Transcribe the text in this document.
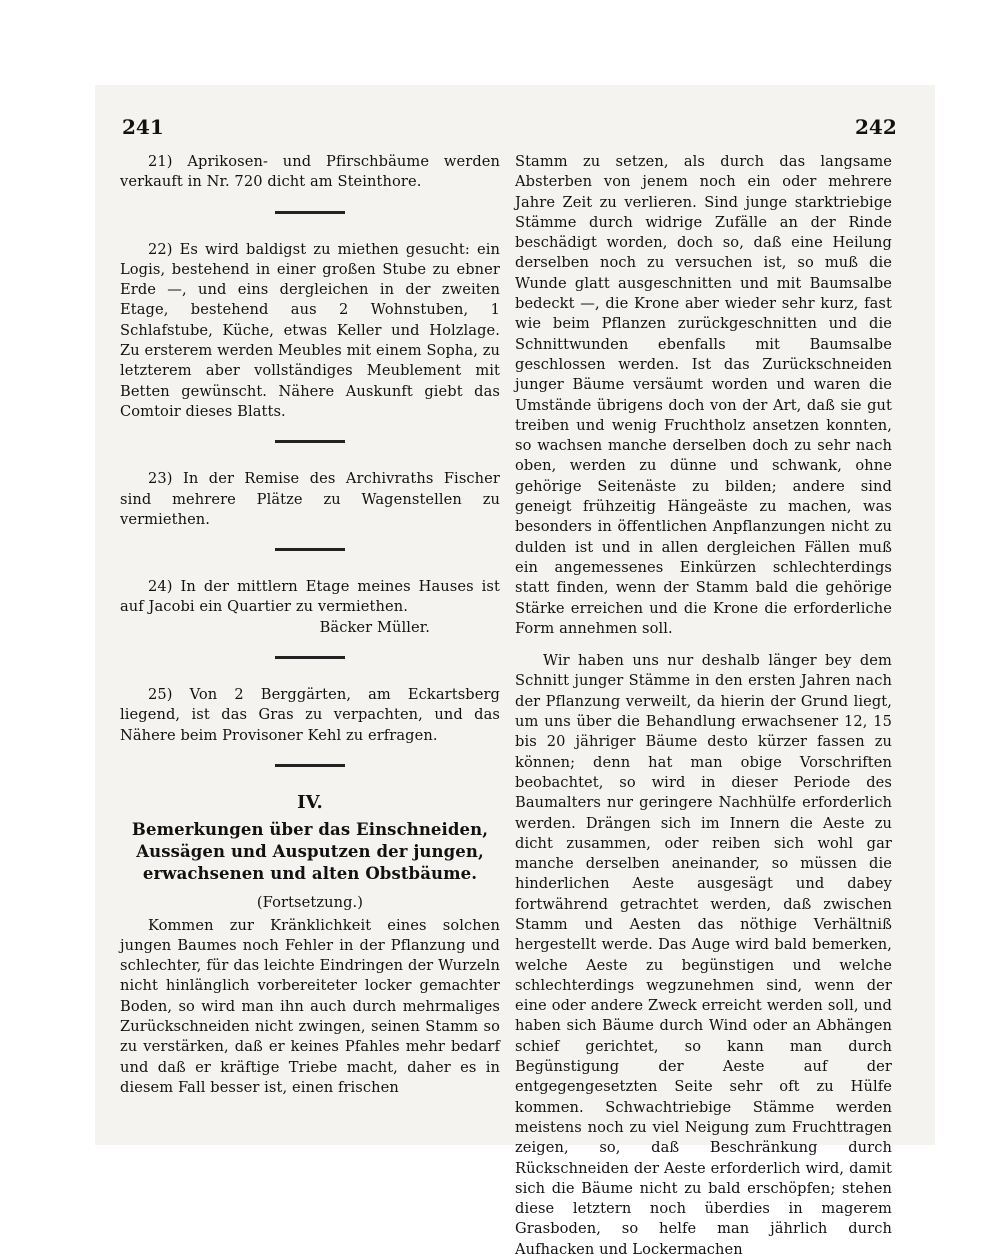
241	242

21) Aprikosen- und Pfirschbäume werden verkauft in Nr. 720 dicht am Steinthore.

22) Es wird baldigst zu miethen gesucht: ein Logis, bestehend in einer großen Stube zu ebner Erde —, und eins dergleichen in der zweiten Etage, bestehend aus 2 Wohnstuben, 1 Schlafstube, Küche, etwas Keller und Holzlage. Zu ersterem werden Meubles mit einem Sopha, zu letzterem aber vollständiges Meublement mit Betten gewünscht. Nähere Auskunft giebt das Comtoir dieses Blatts.

23) In der Remise des Archivraths Fischer sind mehrere Plätze zu Wagenstellen zu vermiethen.

24) In der mittlern Etage meines Hauses ist auf Jacobi ein Quartier zu vermiethen.

Bäcker Müller.

25) Von 2 Berggärten, am Eckartsberg liegend, ist das Gras zu verpachten, und das Nähere beim Provisoner Kehl zu erfragen.

IV.
Bemerkungen über das Einschneiden, Aussägen und Ausputzen der jungen, erwachsenen und alten Obstbäume.
(Fortsetzung.)

Kommen zur Kränklichkeit eines solchen jungen Baumes noch Fehler in der Pflanzung und schlechter, für das leichte Eindringen der Wurzeln nicht hinlänglich vorbereiteter locker gemachter Boden, so wird man ihn auch durch mehrmaliges Zurückschneiden nicht zwingen, seinen Stamm so zu verstärken, daß er keines Pfahles mehr bedarf und daß er kräftige Triebe macht, daher es in diesem Fall besser ist, einen frischen

Stamm zu setzen, als durch das langsame Absterben von jenem noch ein oder mehrere Jahre Zeit zu verlieren. Sind junge starktriebige Stämme durch widrige Zufälle an der Rinde beschädigt worden, doch so, daß eine Heilung derselben noch zu versuchen ist, so muß die Wunde glatt ausgeschnitten und mit Baumsalbe bedeckt —, die Krone aber wieder sehr kurz, fast wie beim Pflanzen zurückgeschnitten und die Schnittwunden ebenfalls mit Baumsalbe geschlossen werden. Ist das Zurückschneiden junger Bäume versäumt worden und waren die Umstände übrigens doch von der Art, daß sie gut treiben und wenig Fruchtholz ansetzen konnten, so wachsen manche derselben doch zu sehr nach oben, werden zu dünne und schwank, ohne gehörige Seitenäste zu bilden; andere sind geneigt frühzeitig Hängeäste zu machen, was besonders in öffentlichen Anpflanzungen nicht zu dulden ist und in allen dergleichen Fällen muß ein angemessenes Einkürzen schlechterdings statt finden, wenn der Stamm bald die gehörige Stärke erreichen und die Krone die erforderliche Form annehmen soll.

Wir haben uns nur deshalb länger bey dem Schnitt junger Stämme in den ersten Jahren nach der Pflanzung verweilt, da hierin der Grund liegt, um uns über die Behandlung erwachsener 12, 15 bis 20 jähriger Bäume desto kürzer fassen zu können; denn hat man obige Vorschriften beobachtet, so wird in dieser Periode des Baumalters nur geringere Nachhülfe erforderlich werden. Drängen sich im Innern die Aeste zu dicht zusammen, oder reiben sich wohl gar manche derselben aneinander, so müssen die hinderlichen Aeste ausgesägt und dabey fortwährend getrachtet werden, daß zwischen Stamm und Aesten das nöthige Verhältniß hergestellt werde. Das Auge wird bald bemerken, welche Aeste zu begünstigen und welche schlechterdings wegzunehmen sind, wenn der eine oder andere Zweck erreicht werden soll, und haben sich Bäume durch Wind oder an Abhängen schief gerichtet, so kann man durch Begünstigung der Aeste auf der entgegengesetzten Seite sehr oft zu Hülfe kommen. Schwachtriebige Stämme werden meistens noch zu viel Neigung zum Fruchttragen zeigen, so, daß Beschränkung durch Rückschneiden der Aeste erforderlich wird, damit sich die Bäume nicht zu bald erschöpfen; stehen diese letztern noch überdies in magerem Grasboden, so helfe man jährlich durch Aufhacken und Lockermachen
